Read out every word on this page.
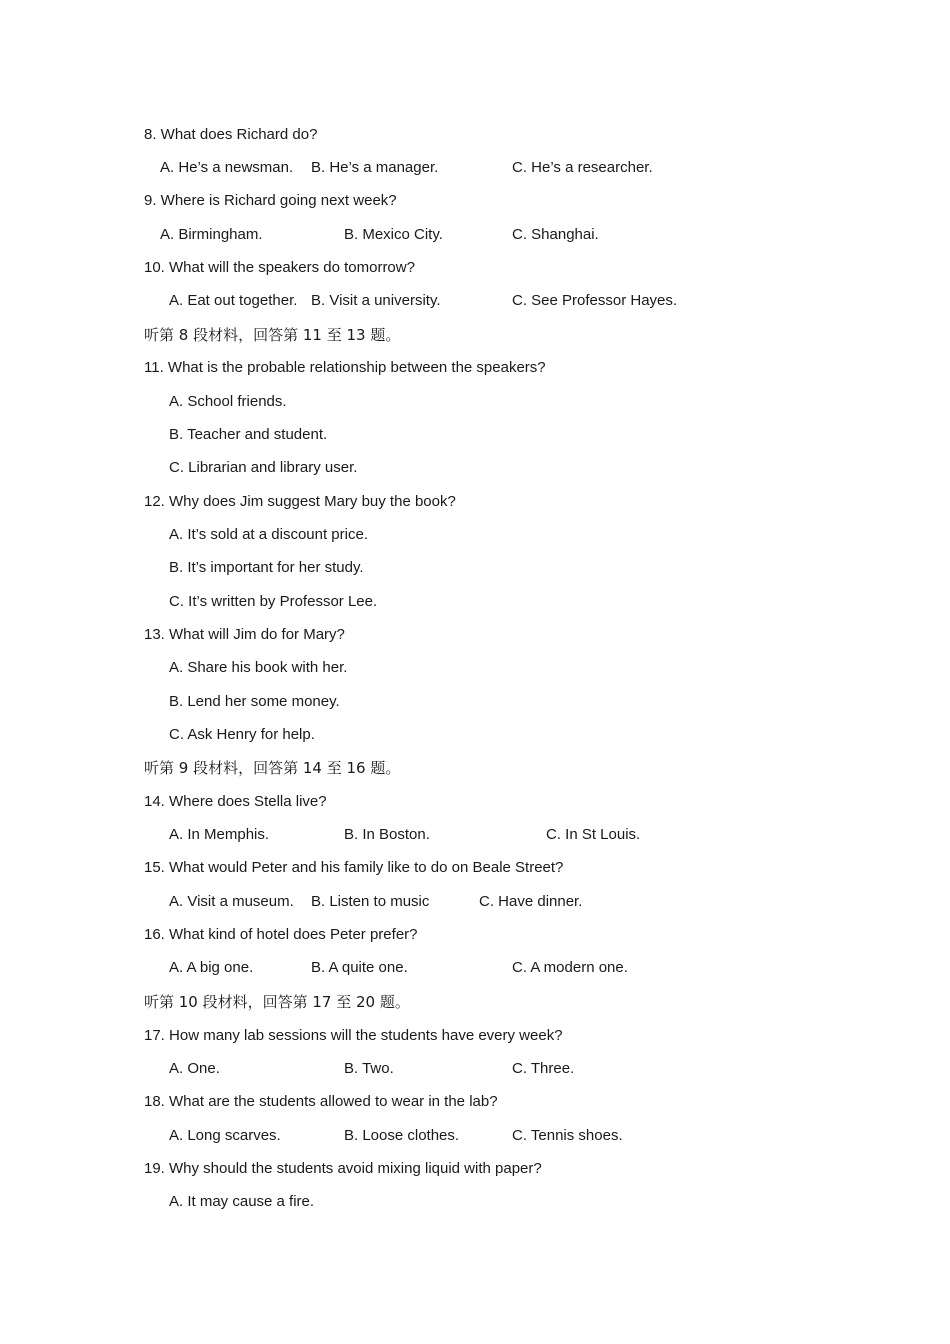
8. What does Richard do?
A. He’s a newsman. B. He’s a manager.	C. He’s a researcher.
9. Where is Richard going next week?
A. Birmingham.	B. Mexico City.	C. Shanghai.
10. What will the speakers do tomorrow?
A. Eat out together. B. Visit a university.	C. See Professor Hayes.
听第 8 段材料，回答第 11 至 13 题。
11. What is the probable relationship between the speakers?
A. School friends.
B. Teacher and student.
C. Librarian and library user.
12. Why does Jim suggest Mary buy the book?
A. It’s sold at a discount price.
B. It’s important for her study.
C. It’s written by Professor Lee.
13. What will Jim do for Mary?
A. Share his book with her.
B. Lend her some money.
C. Ask Henry for help.
听第 9 段材料，回答第 14 至 16 题。
14. Where does Stella live?
A. In Memphis.	B. In Boston.	C. In St Louis.
15. What would Peter and his family like to do on Beale Street?
A. Visit a museum. B. Listen to music	C. Have dinner.
16. What kind of hotel does Peter prefer?
A. A big one.	B. A quite one.	C. A modern one.
听第 10 段材料，回答第 17 至 20 题。
17. How many lab sessions will the students have every week?
A. One.	B. Two.	C. Three.
18. What are the students allowed to wear in the lab?
A. Long scarves.	B. Loose clothes.	C. Tennis shoes.
19. Why should the students avoid mixing liquid with paper?
A. It may cause a fire.
